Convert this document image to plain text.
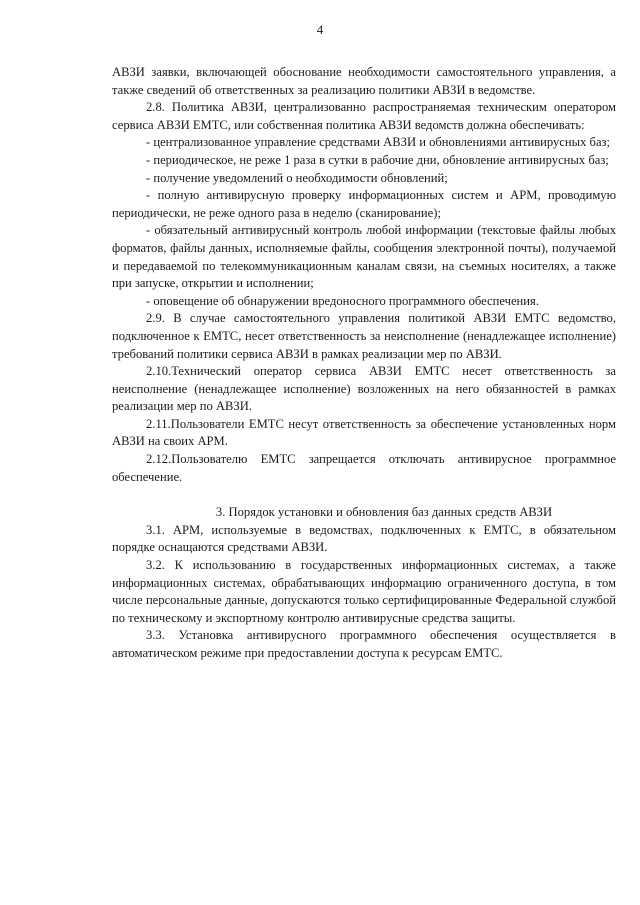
4

АВЗИ заявки, включающей обоснование необходимости самостоятельного управления, а также сведений об ответственных за реализацию политики АВЗИ в ведомстве.

2.8. Политика АВЗИ, централизованно распространяемая техническим оператором сервиса АВЗИ ЕМТС, или собственная политика АВЗИ ведомств должна обеспечивать:

- централизованное управление средствами АВЗИ и обновлениями антивирусных баз;

- периодическое, не реже 1 раза в сутки в рабочие дни, обновление антивирусных баз;

- получение уведомлений о необходимости обновлений;

- полную антивирусную проверку информационных систем и АРМ, проводимую периодически, не реже одного раза в неделю (сканирование);

- обязательный антивирусный контроль любой информации (текстовые файлы любых форматов, файлы данных, исполняемые файлы, сообщения электронной почты), получаемой и передаваемой по телекоммуникационным каналам связи, на съемных носителях, а также при запуске, открытии и исполнении;

- оповещение об обнаружении вредоносного программного обеспечения.

2.9. В случае самостоятельного управления политикой АВЗИ ЕМТС ведомство, подключенное к ЕМТС, несет ответственность за неисполнение (ненадлежащее исполнение) требований политики сервиса АВЗИ в рамках реализации мер по АВЗИ.

2.10.Технический оператор сервиса АВЗИ ЕМТС несет ответственность за неисполнение (ненадлежащее исполнение) возложенных на него обязанностей в рамках реализации мер по АВЗИ.

2.11.Пользователи ЕМТС несут ответственность за обеспечение установленных норм АВЗИ на своих АРМ.

2.12.Пользователю ЕМТС запрещается отключать антивирусное программное обеспечение.

3. Порядок установки и обновления баз данных средств АВЗИ

3.1. АРМ, используемые в ведомствах, подключенных к ЕМТС, в обязательном порядке оснащаются средствами АВЗИ.

3.2. К использованию в государственных информационных системах, а также информационных системах, обрабатывающих информацию ограниченного доступа, в том числе персональные данные, допускаются только сертифицированные Федеральной службой по техническому и экспортному контролю антивирусные средства защиты.

3.3. Установка антивирусного программного обеспечения осуществляется в автоматическом режиме при предоставлении доступа к ресурсам ЕМТС.
